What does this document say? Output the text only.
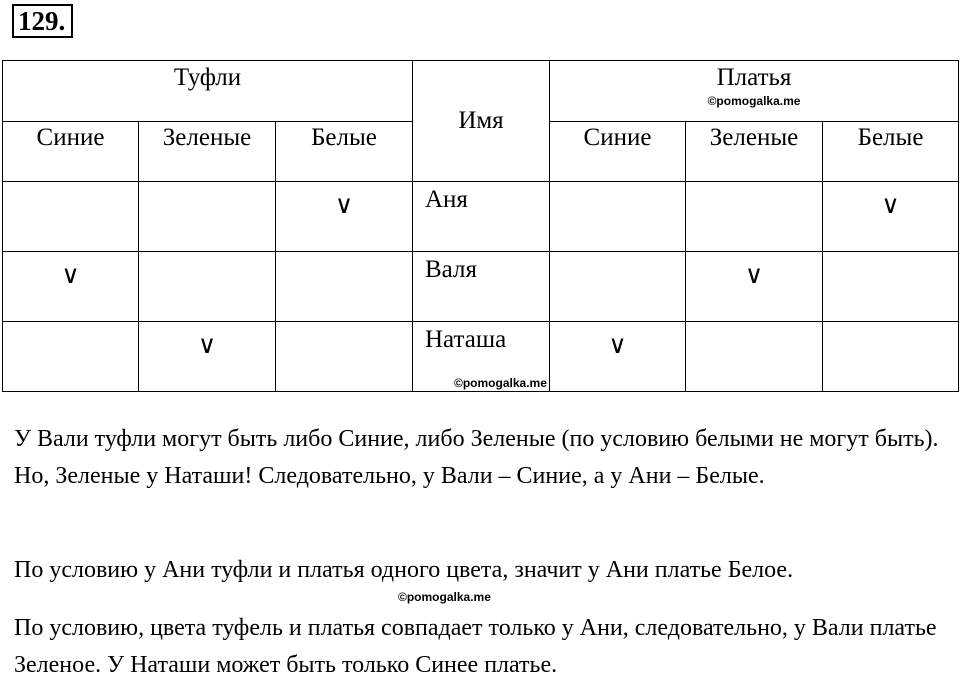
129.
Туфли			Имя	Платья
©pomogalka.me		

Синие	Зеленые	Белые		Синие	Зеленые	Белые
		∨	Аня			∨
∨			Валя		∨	
	∨		Наташа	∨		
©pomogalka.me

У Вали туфли могут быть либо Синие, либо Зеленые (по условию белыми не могут быть). Но, Зеленые у Наташи! Следовательно, у Вали – Синие, а у Ани – Белые.

По условию у Ани туфли и платья одного цвета, значит у Ани платье Белое.

©pomogalka.me

По условию, цвета туфель и платья совпадает только у Ани, следовательно, у Вали платье Зеленое. У Наташи может быть только Синее платье.
